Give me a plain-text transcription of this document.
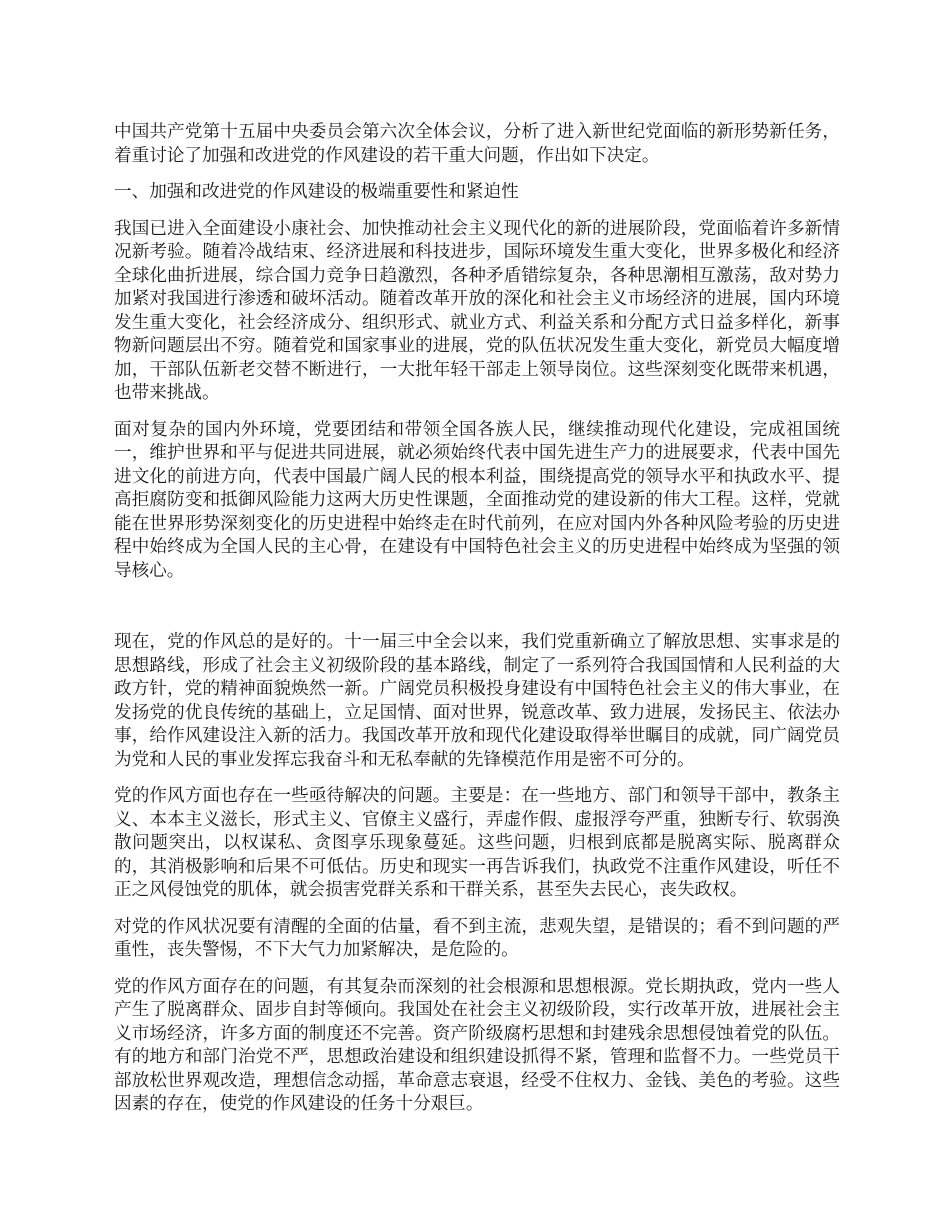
中国共产党第十五届中央委员会第六次全体会议，分析了进入新世纪党面临的新形势新任务，着重讨论了加强和改进党的作风建设的若干重大问题，作出如下决定。

一、加强和改进党的作风建设的极端重要性和紧迫性

我国已进入全面建设小康社会、加快推动社会主义现代化的新的进展阶段，党面临着许多新情况新考验。随着冷战结束、经济进展和科技进步，国际环境发生重大变化，世界多极化和经济全球化曲折进展，综合国力竞争日趋激烈，各种矛盾错综复杂，各种思潮相互激荡，敌对势力加紧对我国进行渗透和破坏活动。随着改革开放的深化和社会主义市场经济的进展，国内环境发生重大变化，社会经济成分、组织形式、就业方式、利益关系和分配方式日益多样化，新事物新问题层出不穷。随着党和国家事业的进展，党的队伍状况发生重大变化，新党员大幅度增加，干部队伍新老交替不断进行，一大批年轻干部走上领导岗位。这些深刻变化既带来机遇，也带来挑战。

面对复杂的国内外环境，党要团结和带领全国各族人民，继续推动现代化建设，完成祖国统一，维护世界和平与促进共同进展，就必须始终代表中国先进生产力的进展要求，代表中国先进文化的前进方向，代表中国最广阔人民的根本利益，围绕提高党的领导水平和执政水平、提高拒腐防变和抵御风险能力这两大历史性课题，全面推动党的建设新的伟大工程。这样，党就能在世界形势深刻变化的历史进程中始终走在时代前列，在应对国内外各种风险考验的历史进程中始终成为全国人民的主心骨，在建设有中国特色社会主义的历史进程中始终成为坚强的领导核心。

现在，党的作风总的是好的。十一届三中全会以来，我们党重新确立了解放思想、实事求是的思想路线，形成了社会主义初级阶段的基本路线，制定了一系列符合我国国情和人民利益的大政方针，党的精神面貌焕然一新。广阔党员积极投身建设有中国特色社会主义的伟大事业，在发扬党的优良传统的基础上，立足国情、面对世界，锐意改革、致力进展，发扬民主、依法办事，给作风建设注入新的活力。我国改革开放和现代化建设取得举世瞩目的成就，同广阔党员为党和人民的事业发挥忘我奋斗和无私奉献的先锋模范作用是密不可分的。

党的作风方面也存在一些亟待解决的问题。主要是：在一些地方、部门和领导干部中，教条主义、本本主义滋长，形式主义、官僚主义盛行，弄虚作假、虚报浮夸严重，独断专行、软弱涣散问题突出，以权谋私、贪图享乐现象蔓延。这些问题，归根到底都是脱离实际、脱离群众的，其消极影响和后果不可低估。历史和现实一再告诉我们，执政党不注重作风建设，听任不正之风侵蚀党的肌体，就会损害党群关系和干群关系，甚至失去民心，丧失政权。

对党的作风状况要有清醒的全面的估量，看不到主流，悲观失望，是错误的；看不到问题的严重性，丧失警惕，不下大气力加紧解决，是危险的。

党的作风方面存在的问题，有其复杂而深刻的社会根源和思想根源。党长期执政，党内一些人产生了脱离群众、固步自封等倾向。我国处在社会主义初级阶段，实行改革开放，进展社会主义市场经济，许多方面的制度还不完善。资产阶级腐朽思想和封建残余思想侵蚀着党的队伍。有的地方和部门治党不严，思想政治建设和组织建设抓得不紧，管理和监督不力。一些党员干部放松世界观改造，理想信念动摇，革命意志衰退，经受不住权力、金钱、美色的考验。这些因素的存在，使党的作风建设的任务十分艰巨。
